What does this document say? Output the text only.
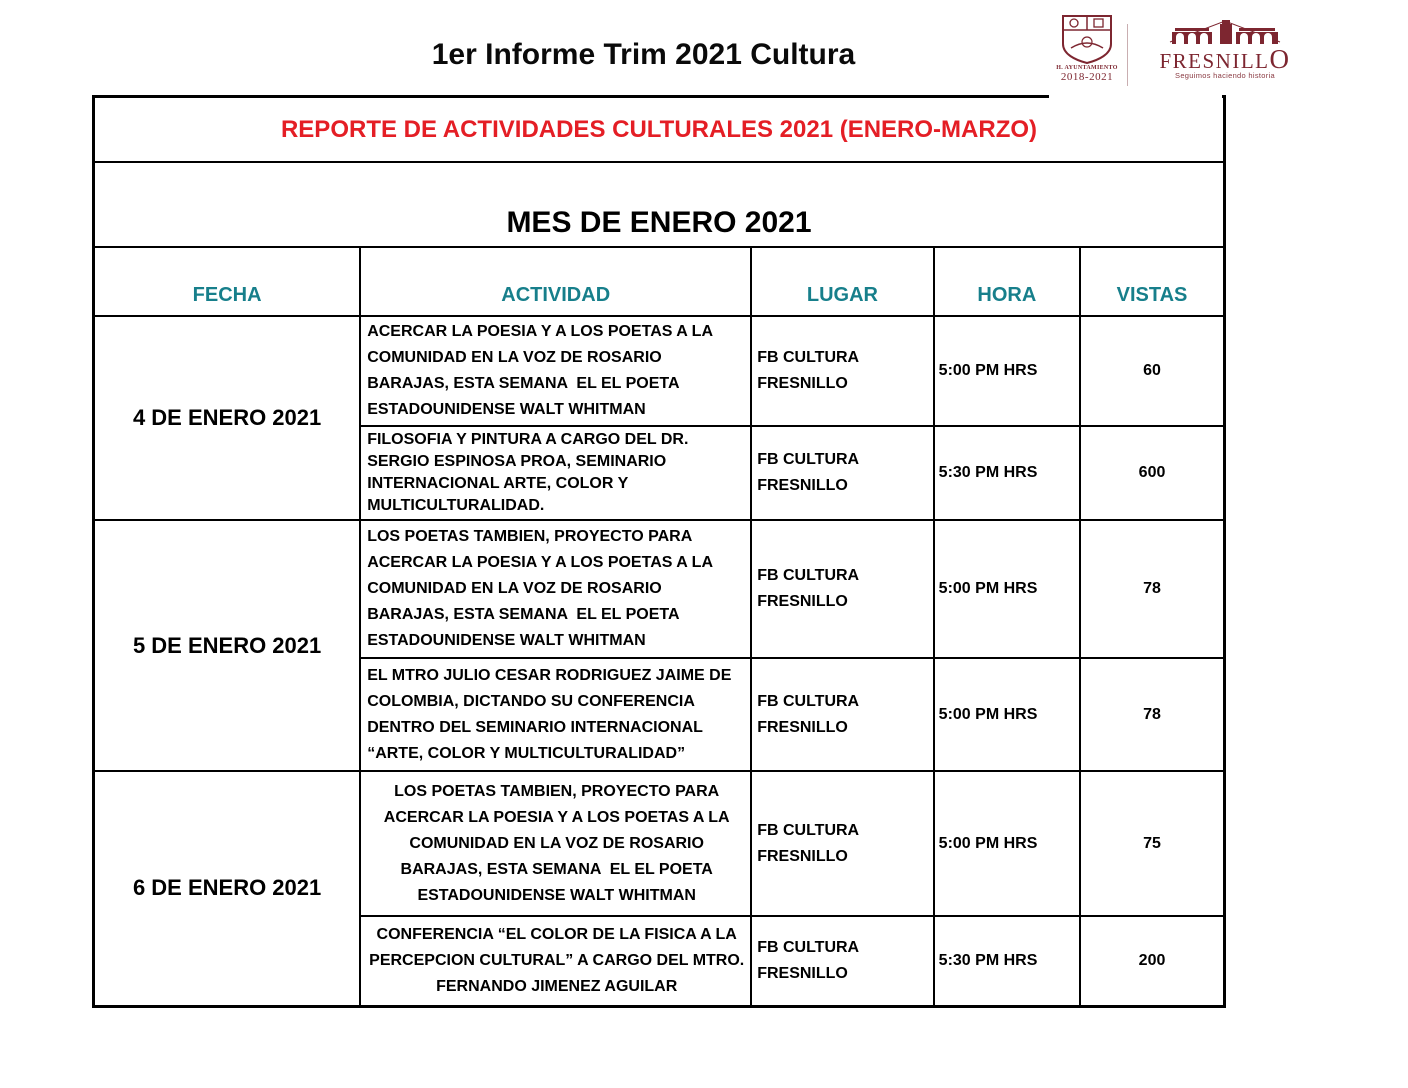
1er Informe Trim 2021 Cultura	H. AYUNTAMIENTO
2018-2021
FRESNILLO
Seguimos haciendo historia
REPORTE DE ACTIVIDADES CULTURALES 2021 (ENERO-MARZO)				
MES DE ENERO 2021				
FECHA	ACTIVIDAD	LUGAR	HORA	VISTAS
4 DE ENERO 2021	ACERCAR LA POESIA Y A LOS POETAS A LA COMUNIDAD EN LA VOZ DE ROSARIO BARAJAS, ESTA SEMANA  EL EL POETA ESTADOUNIDENSE WALT WHITMAN	FB CULTURA FRESNILLO	5:00 PM HRS	60
	FILOSOFIA Y PINTURA A CARGO DEL DR. SERGIO ESPINOSA PROA, SEMINARIO INTERNACIONAL ARTE, COLOR Y MULTICULTURALIDAD.	FB CULTURA FRESNILLO	5:30 PM HRS	600
5 DE ENERO 2021	LOS POETAS TAMBIEN, PROYECTO PARA ACERCAR LA POESIA Y A LOS POETAS A LA COMUNIDAD EN LA VOZ DE ROSARIO BARAJAS, ESTA SEMANA  EL EL POETA ESTADOUNIDENSE WALT WHITMAN	FB CULTURA FRESNILLO	5:00 PM HRS	78
	EL MTRO JULIO CESAR RODRIGUEZ JAIME DE COLOMBIA, DICTANDO SU CONFERENCIA DENTRO DEL SEMINARIO INTERNACIONAL “ARTE, COLOR Y MULTICULTURALIDAD”	FB CULTURA FRESNILLO	5:00 PM HRS	78
6 DE ENERO 2021	LOS POETAS TAMBIEN, PROYECTO PARA ACERCAR LA POESIA Y A LOS POETAS A LA COMUNIDAD EN LA VOZ DE ROSARIO BARAJAS, ESTA SEMANA  EL EL POETA ESTADOUNIDENSE WALT WHITMAN	FB CULTURA FRESNILLO	5:00 PM HRS	75
	CONFERENCIA “EL COLOR DE LA FISICA A LA PERCEPCION CULTURAL” A CARGO DEL MTRO. FERNANDO JIMENEZ AGUILAR	FB CULTURA FRESNILLO	5:30 PM HRS	200
